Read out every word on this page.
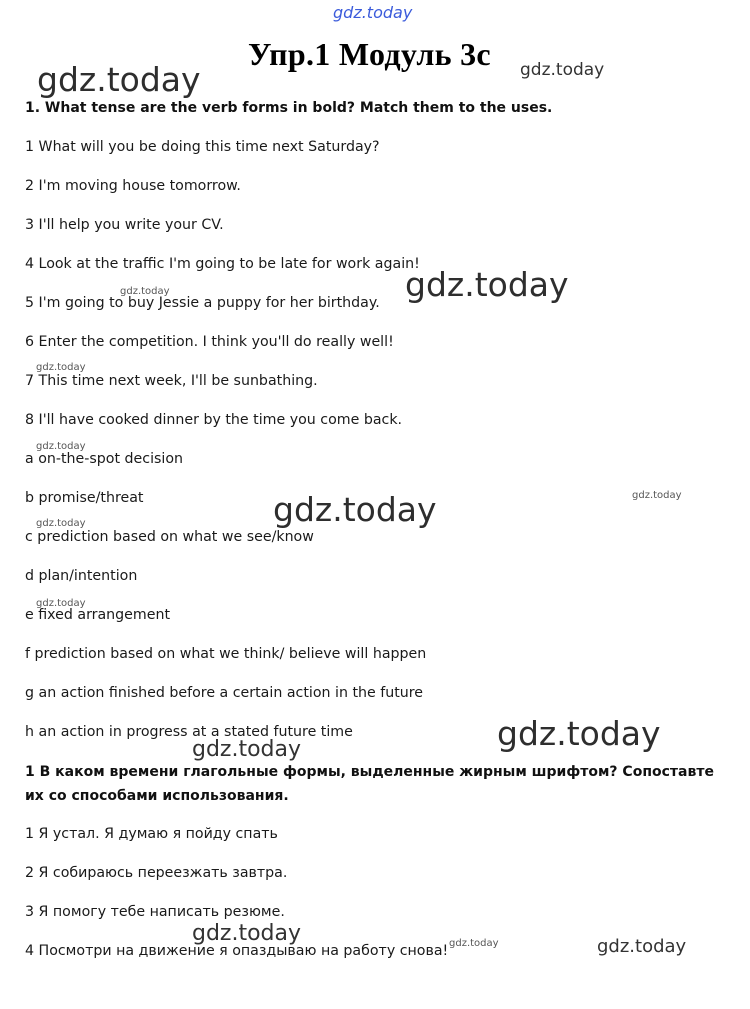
gdz.today
Упр.1 Модуль 3с
1. What tense are the verb forms in bold? Match them to the uses.
1 What will you be doing this time next Saturday?
2 I'm moving house tomorrow.
3 I'll help you write your CV.
4 Look at the traffic I'm going to be late for work again!
5 I'm going to buy Jessie a puppy for her birthday.
6 Enter the competition. I think you'll do really well!
7 This time next week, I'll be sunbathing.
8 I'll have cooked dinner by the time you come back.
a on-the-spot decision
b promise/threat
c prediction based on what we see/know
d plan/intention
e fixed arrangement
f prediction based on what we think/ believe will happen
g an action finished before a certain action in the future
h an action in progress at a stated future time
1 В каком времени глагольные формы, выделенные жирным шрифтом? Сопоставте их со способами использования.
1 Я устал. Я думаю я пойду спать
2 Я собираюсь переезжать завтра.
3 Я помогу тебе написать резюме.
4 Посмотри на движение я опаздываю на работу снова!
gdz.today	gdz.today
gdz.today
gdz.today
gdz.today
gdz.today
gdz.today	gdz.today
gdz.today
gdz.today
gdz.today
gdz.today
gdz.today	gdz.today	gdz.today
